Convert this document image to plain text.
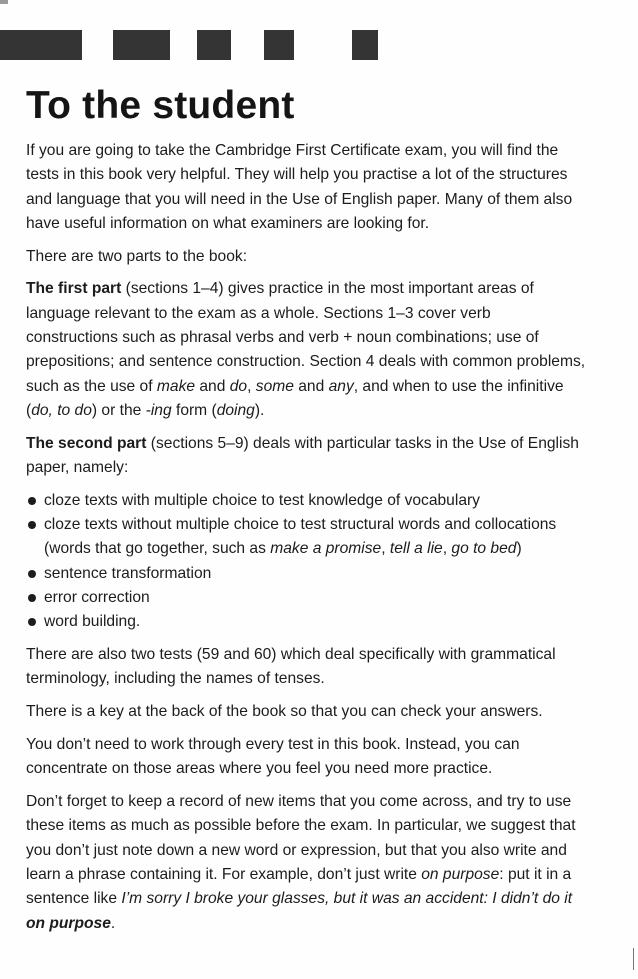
To the student

If you are going to take the Cambridge First Certificate exam, you will find the tests in this book very helpful. They will help you practise a lot of the structures and language that you will need in the Use of English paper. Many of them also have useful information on what examiners are looking for.

There are two parts to the book:

The first part (sections 1–4) gives practice in the most important areas of language relevant to the exam as a whole. Sections 1–3 cover verb constructions such as phrasal verbs and verb + noun combinations; use of prepositions; and sentence construction. Section 4 deals with common problems, such as the use of make and do, some and any, and when to use the infinitive (do, to do) or the -ing form (doing).

The second part (sections 5–9) deals with particular tasks in the Use of English paper, namely:

cloze texts with multiple choice to test knowledge of vocabulary
cloze texts without multiple choice to test structural words and collocations (words that go together, such as make a promise, tell a lie, go to bed)
sentence transformation
error correction
word building.

There are also two tests (59 and 60) which deal specifically with grammatical terminology, including the names of tenses.

There is a key at the back of the book so that you can check your answers.

You don’t need to work through every test in this book. Instead, you can concentrate on those areas where you feel you need more practice.

Don’t forget to keep a record of new items that you come across, and try to use these items as much as possible before the exam. In particular, we suggest that you don’t just note down a new word or expression, but that you also write and learn a phrase containing it. For example, don’t just write on purpose: put it in a sentence like I’m sorry I broke your glasses, but it was an accident: I didn’t do it on purpose.
